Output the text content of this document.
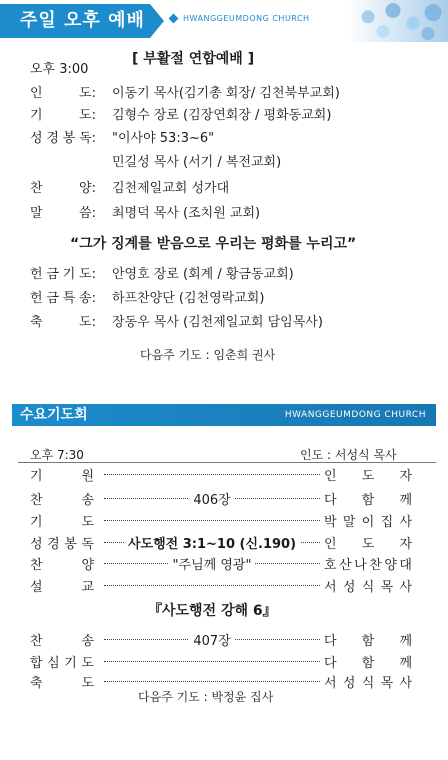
주일 오후 예배	HWANGGEUMDONG CHURCH
오후 3:00
[ 부활절 연합예배 ]
인	도: 이동기 목사(김기총 회장/ 김천북부교회)
기	도: 김형수 장로 (김장연회장 / 평화동교회)
성 경 봉 독: "이사야 53:3~6"
민길성 목사 (서기 / 복전교회)
찬	양: 김천제일교회 성가대
말	씀: 최명덕 목사 (조치원 교회)
“그가 징계를 받음으로 우리는 평화를 누리고”
헌 금 기 도: 안영호 장로 (회계 / 황금동교회)
헌 금 특 송: 하프찬양단 (김천영락교회)
축	도: 장동우 목사 (김천제일교회 담임목사)
다음주 기도 : 임춘희 권사
수요기도회	HWANGGEUMDONG CHURCH
오후 7:30	인도 : 서성식 목사
기	원	인 도 자
찬	송	406장	다 함 께
기	도	박 말 이 집 사
성 경 봉 독	사도행전 3:1~10 (신.190)	인 도 자
찬	양	"주님께 영광"	호 산 나 찬 양 대
설	교	서 성 식 목 사
『사도행전 강해 6』
찬	송	407장	다 함 께
합 심 기 도	다 함 께
축	도	서 성 식 목 사
다음주 기도 : 박정윤 집사
